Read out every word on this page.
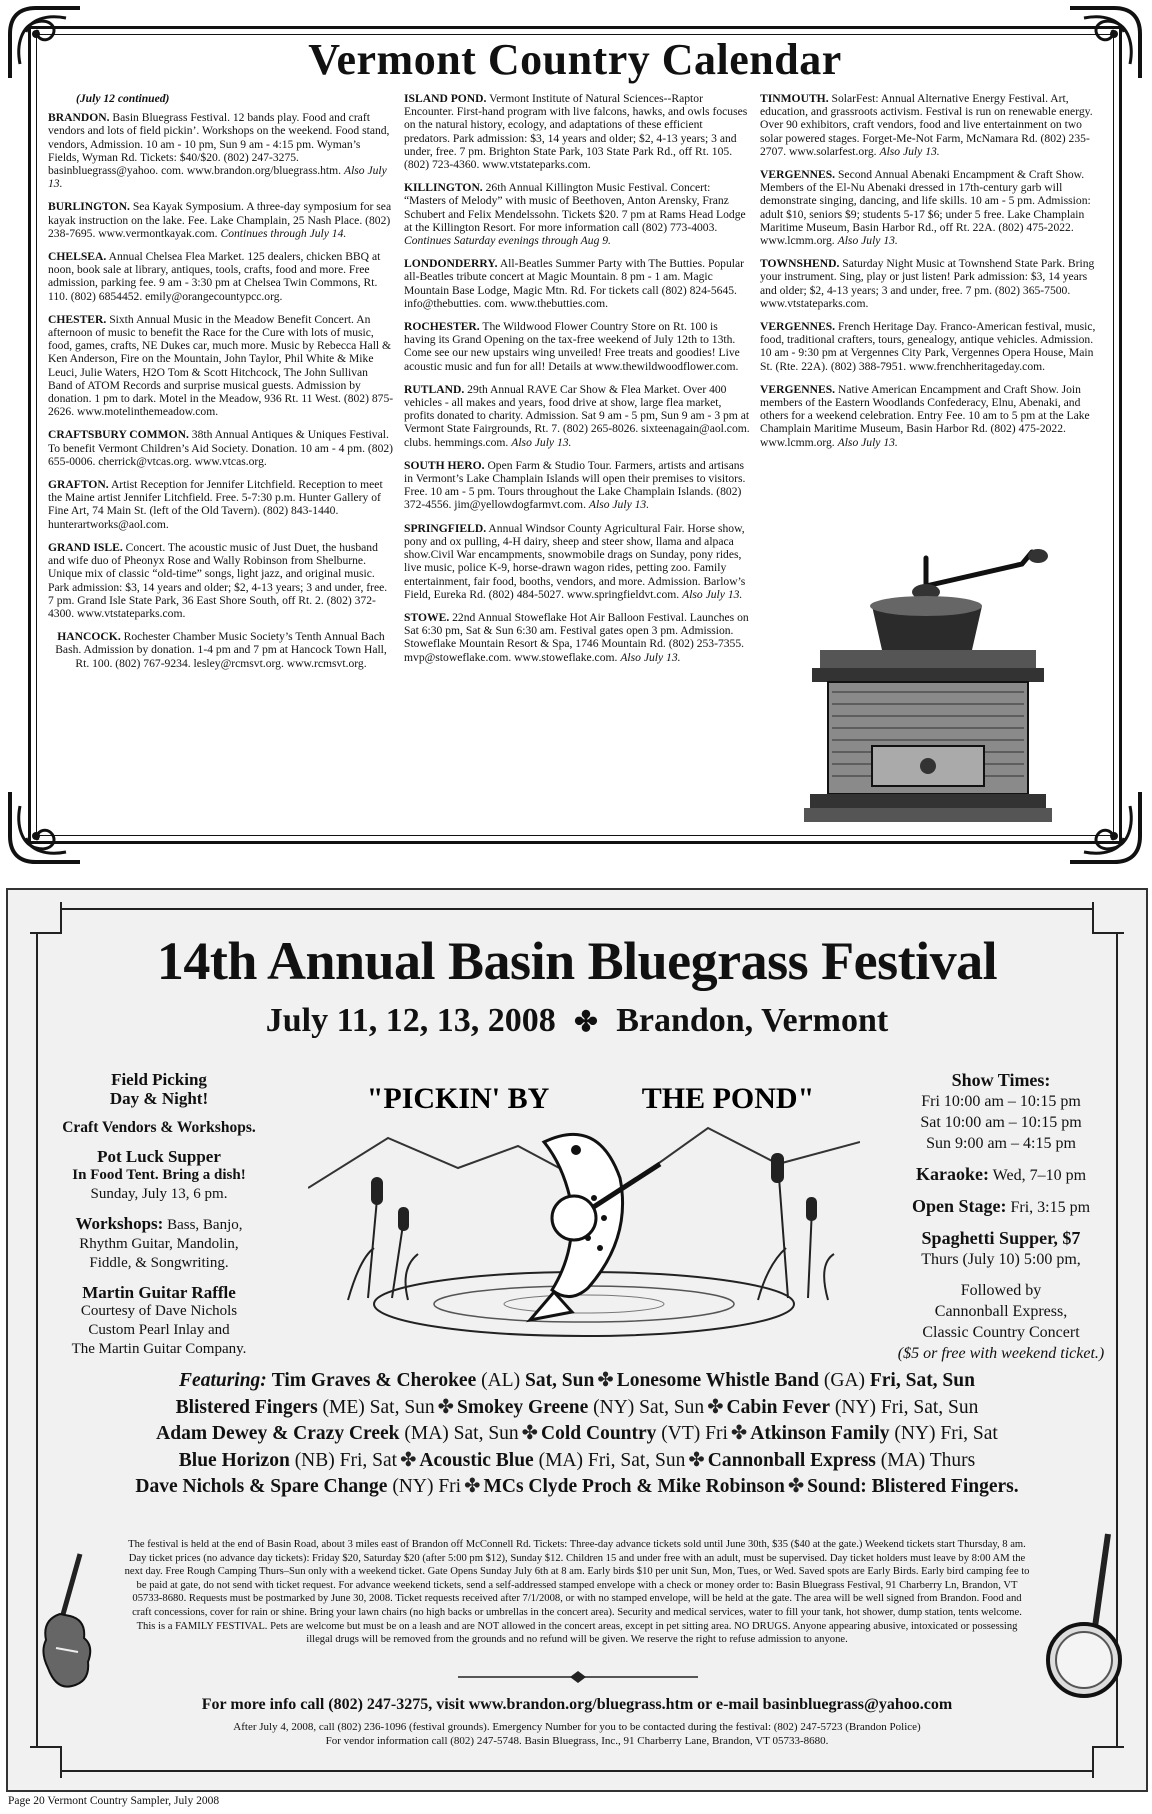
Vermont Country Calendar
(July 12 continued)

BRANDON. Basin Bluegrass Festival. 12 bands play. Food and craft vendors and lots of field pickin’. Workshops on the weekend. Food stand, vendors, Admission. 10 am - 10 pm, Sun 9 am - 4:15 pm. Wyman’s Fields, Wyman Rd. Tickets: $40/$20. (802) 247-3275. basinbluegrass@yahoo. com. www.brandon.org/bluegrass.htm. Also July 13.

BURLINGTON. Sea Kayak Symposium. A three-day symposium for sea kayak instruction on the lake. Fee. Lake Champlain, 25 Nash Place. (802) 238-7695. www.vermontkayak.com. Continues through July 14.

CHELSEA. Annual Chelsea Flea Market. 125 dealers, chicken BBQ at noon, book sale at library, antiques, tools, crafts, food and more. Free admission, parking fee. 9 am - 3:30 pm at Chelsea Twin Commons, Rt. 110. (802) 6854452. emily@orangecountypcc.org.

CHESTER. Sixth Annual Music in the Meadow Benefit Concert. An afternoon of music to benefit the Race for the Cure with lots of music, food, games, crafts, NE Dukes car, much more. Music by Rebecca Hall & Ken Anderson, Fire on the Mountain, John Taylor, Phil White & Mike Leuci, Julie Waters, H2O Tom & Scott Hitchcock, The John Sullivan Band of ATOM Records and surprise musical guests. Admission by donation. 1 pm to dark. Motel in the Meadow, 936 Rt. 11 West. (802) 875-2626. www.motelinthemeadow.com.

CRAFTSBURY COMMON. 38th Annual Antiques & Uniques Festival. To benefit Vermont Children’s Aid Society. Donation. 10 am - 4 pm. (802) 655-0006. cherrick@vtcas.org. www.vtcas.org.

GRAFTON. Artist Reception for Jennifer Litchfield. Reception to meet the Maine artist Jennifer Litchfield. Free. 5-7:30 p.m. Hunter Gallery of Fine Art, 74 Main St. (left of the Old Tavern). (802) 843-1440. hunterartworks@aol.com.

GRAND ISLE. Concert. The acoustic music of Just Duet, the husband and wife duo of Pheonyx Rose and Wally Robinson from Shelburne. Unique mix of classic “old-time” songs, light jazz, and original music. Park admission: $3, 14 years and older; $2, 4-13 years; 3 and under, free. 7 pm. Grand Isle State Park, 36 East Shore South, off Rt. 2. (802) 372-4300. www.vtstateparks.com.

HANCOCK. Rochester Chamber Music Society’s Tenth Annual Bach Bash. Admission by donation. 1-4 pm and 7 pm at Hancock Town Hall, Rt. 100. (802) 767-9234. lesley@rcmsvt.org. www.rcmsvt.org.

ISLAND POND. Vermont Institute of Natural Sciences--Raptor Encounter. First-hand program with live falcons, hawks, and owls focuses on the natural history, ecology, and adaptations of these efficient predators. Park admission: $3, 14 years and older; $2, 4-13 years; 3 and under, free. 7 pm. Brighton State Park, 103 State Park Rd., off Rt. 105. (802) 723-4360. www.vtstateparks.com.

KILLINGTON. 26th Annual Killington Music Festival. Concert: “Masters of Melody” with music of Beethoven, Anton Arensky, Franz Schubert and Felix Mendelssohn. Tickets $20. 7 pm at Rams Head Lodge at the Killington Resort. For more information call (802) 773-4003. Continues Saturday evenings through Aug 9.

LONDONDERRY. All-Beatles Summer Party with The Butties. Popular all-Beatles tribute concert at Magic Mountain. 8 pm - 1 am. Magic Mountain Base Lodge, Magic Mtn. Rd. For tickets call (802) 824-5645. info@thebutties. com. www.thebutties.com.

ROCHESTER. The Wildwood Flower Country Store on Rt. 100 is having its Grand Opening on the tax-free weekend of July 12th to 13th. Come see our new upstairs wing unveiled! Free treats and goodies! Live acoustic music and fun for all! Details at www.thewildwoodflower.com.

RUTLAND. 29th Annual RAVE Car Show & Flea Market. Over 400 vehicles - all makes and years, food drive at show, large flea market, profits donated to charity. Admission. Sat 9 am - 5 pm, Sun 9 am - 3 pm at Vermont State Fairgrounds, Rt. 7. (802) 265-8026. sixteenagain@aol.com. clubs. hemmings.com. Also July 13.

SOUTH HERO. Open Farm & Studio Tour. Farmers, artists and artisans in Vermont’s Lake Champlain Islands will open their premises to visitors. Free. 10 am - 5 pm. Tours throughout the Lake Champlain Islands. (802) 372-4556. jim@yellowdogfarmvt.com. Also July 13.

SPRINGFIELD. Annual Windsor County Agricultural Fair. Horse show, pony and ox pulling, 4-H dairy, sheep and steer show, llama and alpaca show.Civil War encampments, snowmobile drags on Sunday, pony rides, live music, police K-9, horse-drawn wagon rides, petting zoo. Family entertainment, fair food, booths, vendors, and more. Admission. Barlow’s Field, Eureka Rd. (802) 484-5027. www.springfieldvt.com. Also July 13.

STOWE. 22nd Annual Stoweflake Hot Air Balloon Festival. Launches on Sat 6:30 pm, Sat & Sun 6:30 am. Festival gates open 3 pm. Admission. Stoweflake Mountain Resort & Spa, 1746 Mountain Rd. (802) 253-7355. mvp@stoweflake.com. www.stoweflake.com. Also July 13.

TINMOUTH. SolarFest: Annual Alternative Energy Festival. Art, education, and grassroots activism. Festival is run on renewable energy. Over 90 exhibitors, craft vendors, food and live entertainment on two solar powered stages. Forget-Me-Not Farm, McNamara Rd. (802) 235-2707. www.solarfest.org. Also July 13.

VERGENNES. Second Annual Abenaki Encampment & Craft Show. Members of the El-Nu Abenaki dressed in 17th-century garb will demonstrate singing, dancing, and life skills. 10 am - 5 pm. Admission: adult $10, seniors $9; students 5-17 $6; under 5 free. Lake Champlain Maritime Museum, Basin Harbor Rd., off Rt. 22A. (802) 475-2022. www.lcmm.org. Also July 13.

TOWNSHEND. Saturday Night Music at Townshend State Park. Bring your instrument. Sing, play or just listen! Park admission: $3, 14 years and older; $2, 4-13 years; 3 and under, free. 7 pm. (802) 365-7500. www.vtstateparks.com.

VERGENNES. French Heritage Day. Franco-American festival, music, food, traditional crafters, tours, genealogy, antique vehicles. Admission. 10 am - 9:30 pm at Vergennes City Park, Vergennes Opera House, Main St. (Rte. 22A). (802) 388-7951. www.frenchheritageday.com.

VERGENNES. Native American Encampment and Craft Show. Join members of the Eastern Woodlands Confederacy, Elnu, Abenaki, and others for a weekend celebration. Entry Fee. 10 am to 5 pm at the Lake Champlain Maritime Museum, Basin Harbor Rd. (802) 475-2022. www.lcmm.org. Also July 13.

14th Annual Basin Bluegrass Festival
July 11, 12, 13, 2008 ✤ Brandon, Vermont
Field Picking
Day & Night!
Craft Vendors & Workshops.
Pot Luck Supper
In Food Tent. Bring a dish!
Sunday, July 13, 6 pm.
Workshops: Bass, Banjo,
Rhythm Guitar, Mandolin,
Fiddle, & Songwriting.
Martin Guitar Raffle
Courtesy of Dave Nichols
Custom Pearl Inlay and
The Martin Guitar Company.
"PICKIN' BY	THE POND"
Show Times:
Fri 10:00 am – 10:15 pm
Sat 10:00 am – 10:15 pm
Sun 9:00 am – 4:15 pm
Karaoke: Wed, 7–10 pm
Open Stage: Fri, 3:15 pm
Spaghetti Supper, $7
Thurs (July 10) 5:00 pm,
Followed by
Cannonball Express,
Classic Country Concert
($5 or free with weekend ticket.)
Featuring: Tim Graves & Cherokee (AL) Sat, Sun ✤ Lonesome Whistle Band (GA) Fri, Sat, Sun
Blistered Fingers (ME) Sat, Sun ✤ Smokey Greene (NY) Sat, Sun ✤ Cabin Fever (NY) Fri, Sat, Sun
Adam Dewey & Crazy Creek (MA) Sat, Sun ✤ Cold Country (VT) Fri ✤ Atkinson Family (NY) Fri, Sat
Blue Horizon (NB) Fri, Sat ✤ Acoustic Blue (MA) Fri, Sat, Sun ✤ Cannonball Express (MA) Thurs
Dave Nichols & Spare Change (NY) Fri ✤ MCs Clyde Proch & Mike Robinson ✤ Sound: Blistered Fingers.
The festival is held at the end of Basin Road, about 3 miles east of Brandon off McConnell Rd. Tickets: Three-day advance tickets sold until June 30th, $35 ($40 at the gate.) Weekend tickets start Thursday, 8 am. Day ticket prices (no advance day tickets): Friday $20, Saturday $20 (after 5:00 pm $12), Sunday $12. Children 15 and under free with an adult, must be supervised. Day ticket holders must leave by 8:00 AM the next day. Free Rough Camping Thurs–Sun only with a weekend ticket. Gate Opens Sunday July 6th at 8 am. Early birds $10 per unit Sun, Mon, Tues, or Wed. Saved spots are Early Birds. Early bird camping fee to be paid at gate, do not send with ticket request. For advance weekend tickets, send a self-addressed stamped envelope with a check or money order to: Basin Bluegrass Festival, 91 Charberry Ln, Brandon, VT 05733-8680. Requests must be postmarked by June 30, 2008. Ticket requests received after 7/1/2008, or with no stamped envelope, will be held at the gate. The area will be well signed from Brandon. Food and craft concessions, cover for rain or shine. Bring your lawn chairs (no high backs or umbrellas in the concert area). Security and medical services, water to fill your tank, hot shower, dump station, tents welcome. This is a FAMILY FESTIVAL. Pets are welcome but must be on a leash and are NOT allowed in the concert areas, except in pet sitting area. NO DRUGS. Anyone appearing abusive, intoxicated or possessing illegal drugs will be removed from the grounds and no refund will be given. We reserve the right to refuse admission to anyone.
For more info call (802) 247-3275, visit www.brandon.org/bluegrass.htm or e-mail basinbluegrass@yahoo.com
After July 4, 2008, call (802) 236-1096 (festival grounds). Emergency Number for you to be contacted during the festival: (802) 247-5723 (Brandon Police)
For vendor information call (802) 247-5748. Basin Bluegrass, Inc., 91 Charberry Lane, Brandon, VT 05733-8680.
Page 20 Vermont Country Sampler, July 2008
